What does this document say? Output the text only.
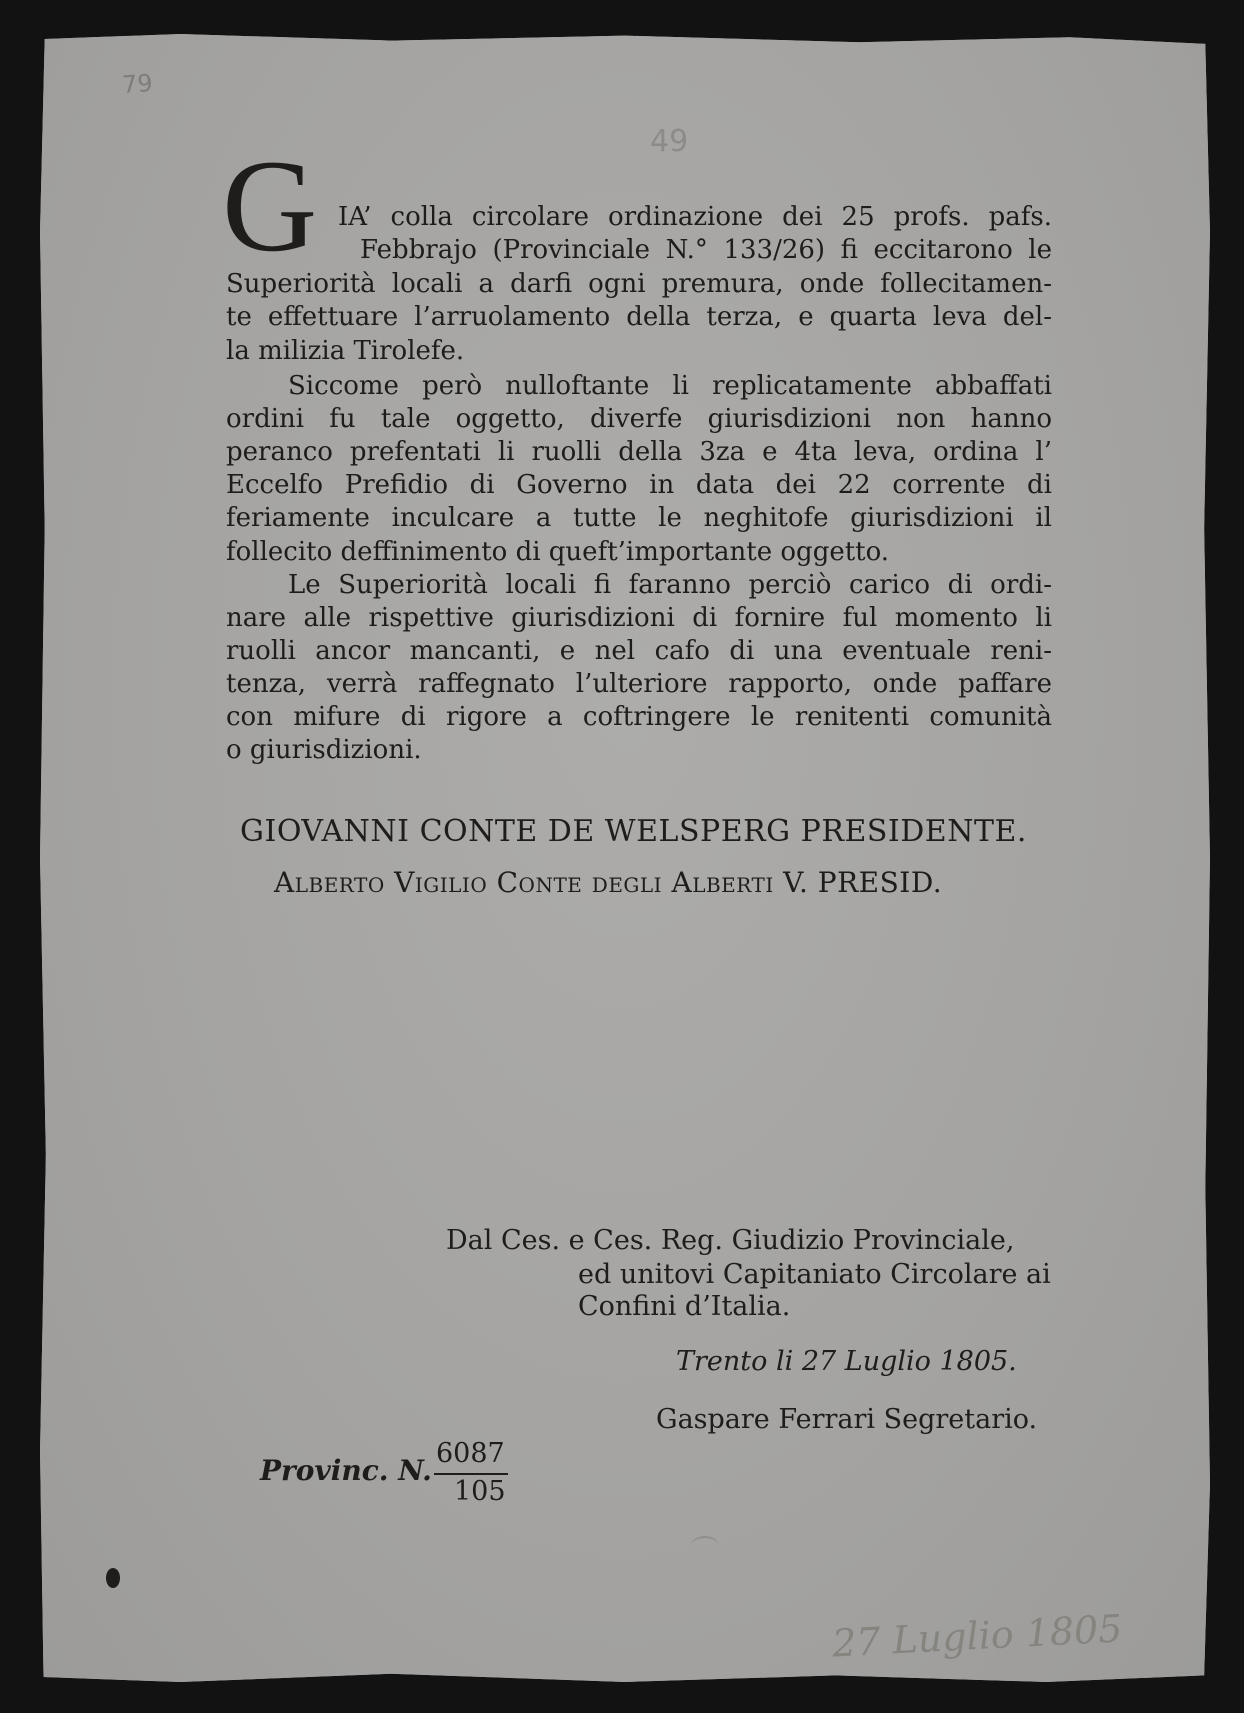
79
49
G IA’ colla circolare ordinazione dei 25 profs. pafs.
Febbrajo (Provinciale N.° 133/26) fi eccitarono le
Superiorità locali a darfi ogni premura, onde follecitamen-
te effettuare l’arruolamento della terza, e quarta leva del-
la milizia Tirolefe.
Siccome però nulloftante li replicatamente abbaffati
ordini fu tale oggetto, diverfe giurisdizioni non hanno
peranco prefentati li ruolli della 3za e 4ta leva, ordina l’
Eccelfo Prefidio di Governo in data dei 22 corrente di
feriamente inculcare a tutte le neghitofe giurisdizioni il
follecito deffinimento di queft’importante oggetto.
Le Superiorità locali fi faranno perciò carico di ordi-
nare alle rispettive giurisdizioni di fornire ful momento li
ruolli ancor mancanti, e nel cafo di una eventuale reni-
tenza, verrà raffegnato l’ulteriore rapporto, onde paffare
con mifure di rigore a coftringere le renitenti comunità
o giurisdizioni.
GIOVANNI CONTE DE WELSPERG PRESIDENTE.
Alberto Vigilio Conte degli Alberti V. PRESID.
Dal Ces. e Ces. Reg. Giudizio Provinciale,
ed unitovi Capitaniato Circolare ai
Confini d’Italia.
Trento li 27 Luglio 1805.
Gaspare Ferrari Segretario.
Provinc. N.
6087
105
27 Luglio 1805
